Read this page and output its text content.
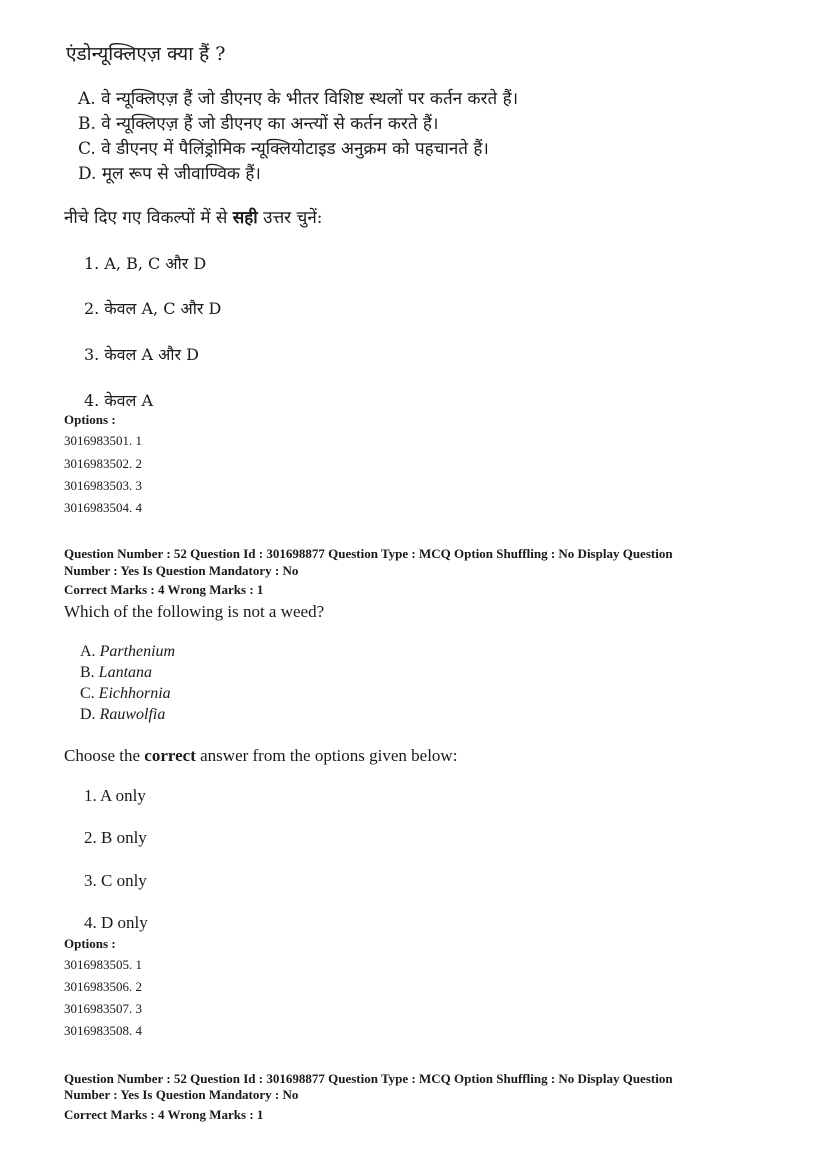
एंडोन्यूक्लिएज़ क्या हैं ?
A. वे न्यूक्लिएज़ हैं जो डीएनए के भीतर विशिष्ट स्थलों पर कर्तन करते हैं।
B. वे न्यूक्लिएज़ हैं जो डीएनए का अन्त्यों से कर्तन करते हैं।
C. वे डीएनए में पैलिंड्रोमिक न्यूक्लियोटाइड अनुक्रम को पहचानते हैं।
D. मूल रूप से जीवाण्विक हैं।
नीचे दिए गए विकल्पों में से सही उत्तर चुनें:
1. A, B, C और D
2. केवल A, C और D
3. केवल A और D
4. केवल A
Options :
3016983501. 1
3016983502. 2
3016983503. 3
3016983504. 4
Question Number : 52 Question Id : 301698877 Question Type : MCQ Option Shuffling : No Display Question
Number : Yes Is Question Mandatory : No
Correct Marks : 4 Wrong Marks : 1
Which of the following is not a weed?
A. Parthenium
B. Lantana
C. Eichhornia
D. Rauwolfia
Choose the correct answer from the options given below:
1. A only
2. B only
3. C only
4. D only
Options :
3016983505. 1
3016983506. 2
3016983507. 3
3016983508. 4
Question Number : 52 Question Id : 301698877 Question Type : MCQ Option Shuffling : No Display Question
Number : Yes Is Question Mandatory : No
Correct Marks : 4 Wrong Marks : 1
